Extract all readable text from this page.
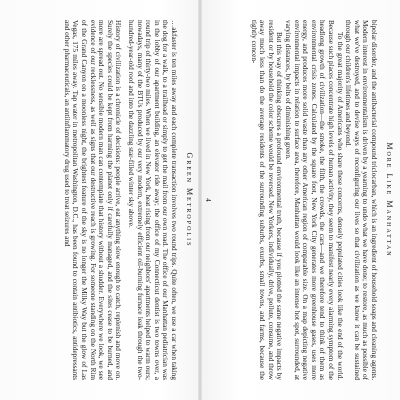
Green Metropolis

…akfaster is ten miles away and each complete transaction involves two round trips. Quite often, we use a car when taking the dog for a walk, to a trailhead or simply to get the mail from our own road. The office of our Manhattan pediatrician was in the lobby of our apartment building, an elevator ride away; the office of my Connecticut dentist is two towns over, a round trip of thirty-two miles. When we lived in New York, heat rising from our neighbors' apartments helped to warm ours; nowadays, many of the BTUs produced by our very modern, extremely efficient oil-burning furnace leak through the two-hundred-year-old roof and into the dazzling star-filled winter sky above.

History of civilization is a chronicle of decisions: people arrive, eat anything slow enough to catch, replenish and move on. Surely the species could be kept from harming the planet only if carefully managed, and the sites cease to be burned, and more are spread out. No sensible modern man can contemplate that history without a shudder. Everywhere we look, we see evidence of our recklessness, as well as signs that our destructive reach is growing. For someone standing on the North Rim of the Grand Canyon on a moonless night, the brightest feature of the sky is no longer the Milky Way but the glow of Las Vegas, 175 miles away. Tap water in metropolitan Washington, D.C., has been found to contain antibiotics, antidepressants and other pharmaceuticals, an antiinflammatory drug used to treat seizures and	More Like Manhattan

bipolar disorder, and the antibacterial compound triclocarban, which is an ingredient of household soaps and cleaning agents. Modern interest in environmentalism is driven by a yearning to undo what we have done; to restore, as much as possible of what we've destroyed, and to devise ways of reconfiguring our lives so that civilization as we know it can be sustained through our children's lifetimes and beyond.

To the great majority of Americans who share these concerns, densely populated cities look like the end of the world. Because such places concentrate high levels of human activity, they seem to manifest nearly every alarming symptom of the headlong growth of civilization—the smoke, the filth, the crowds, the cars—and we therefore tend to think of them as environmental crisis zones. Calculated by the square foot, New York City generates more greenhouse gases, uses more energy, and produces more solid waste than any other American region of comparable size. On a map depicting negative environmental impacts in relation to surface area, therefore, Manhattan would look like an intense hot spot, surrounded, at varying distances, by belts of diminishing green.

But this way of thinking obscures a profound environmental truth, because if you plotted the same negative impacts by resident or by household the color scheme would be reversed. New Yorkers, individually, drive, pollute, consume, and throw away much less than do the average residents of the surrounding suburbs, exurbs, small towns, and farms, because the tightly concen-

4
